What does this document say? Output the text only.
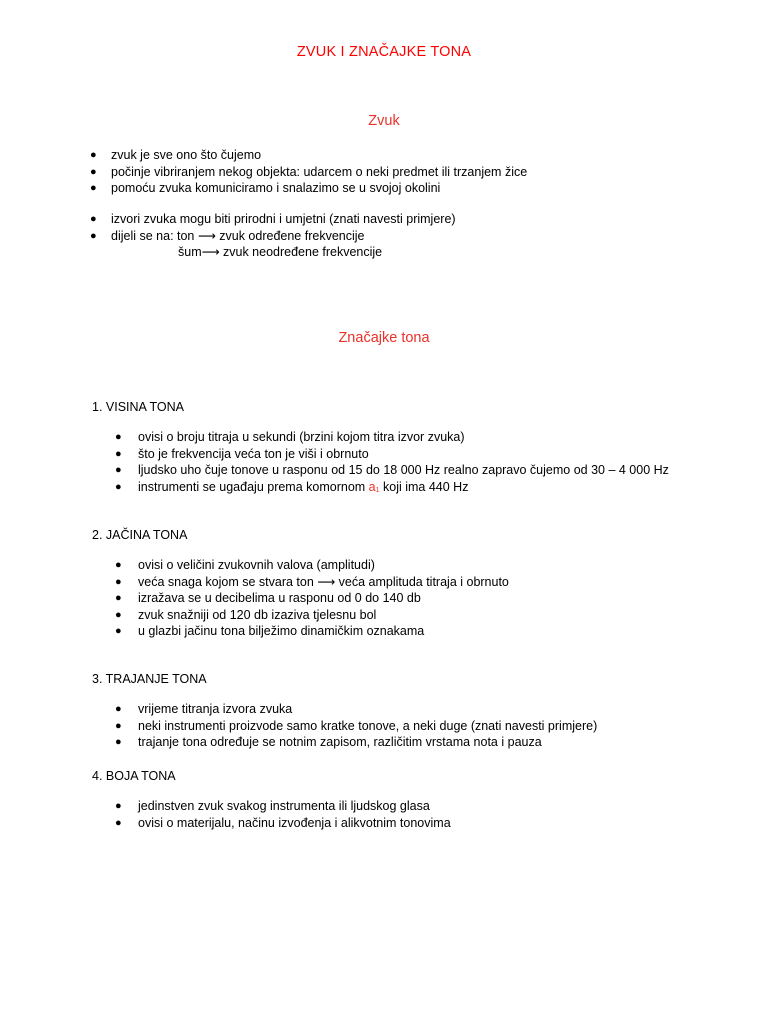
ZVUK I ZNAČAJKE TONA
Zvuk
● zvuk je sve ono što čujemo
● počinje vibriranjem nekog objekta: udarcem o neki predmet ili trzanjem žice
● pomoću zvuka komuniciramo i snalazimo se u svojoj okolini
● izvori zvuka mogu biti prirodni i umjetni (znati navesti primjere)
● dijeli se na: ton ⟶ zvuk određene frekvencije
šum⟶ zvuk neodređene frekvencije
Značajke tona
1. VISINA TONA
● ovisi o broju titraja u sekundi (brzini kojom titra izvor zvuka)
● što je frekvencija veća ton je viši i obrnuto
● ljudsko uho čuje tonove u rasponu od 15 do 18 000 Hz realno zapravo čujemo od 30 – 4 000 Hz
● instrumenti se ugađaju prema komornom $a_1$ koji ima 440 Hz
2. JAČINA TONA
● ovisi o veličini zvukovnih valova (amplitudi)
● veća snaga kojom se stvara ton ⟶ veća amplituda titraja i obrnuto
● izražava se u decibelima u rasponu od 0 do 140 db
● zvuk snažniji od 120 db izaziva tjelesnu bol
● u glazbi jačinu tona bilježimo dinamičkim oznakama
3. TRAJANJE TONA
● vrijeme titranja izvora zvuka
● neki instrumenti proizvode samo kratke tonove, a neki duge (znati navesti primjere)
● trajanje tona određuje se notnim zapisom, različitim vrstama nota i pauza
4. BOJA TONA
● jedinstven zvuk svakog instrumenta ili ljudskog glasa
● ovisi o materijalu, načinu izvođenja i alikvotnim tonovima
